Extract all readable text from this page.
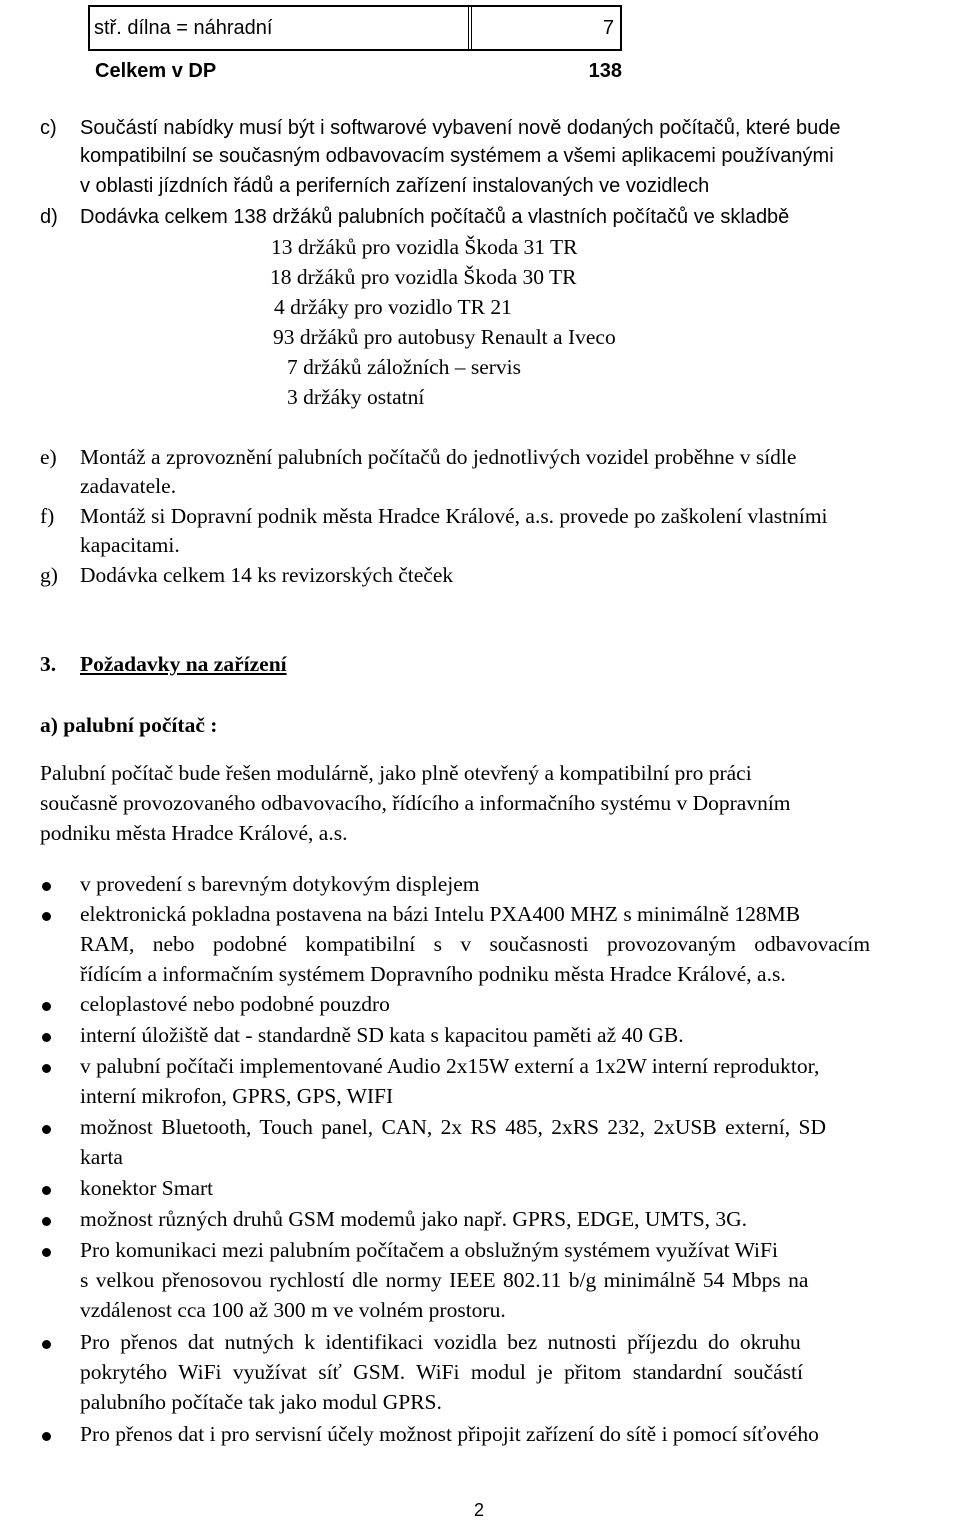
stř. dílna = náhradní	7
Celkem v DP	138
c) Součástí nabídky musí být i softwarové vybavení nově dodaných počítačů, které bude
kompatibilní se současným odbavovacím systémem a všemi aplikacemi používanými
v oblasti jízdních řádů a periferních zařízení instalovaných ve vozidlech
d) Dodávka celkem 138 držáků palubních počítačů a vlastních počítačů ve skladbě
13 držáků pro vozidla Škoda 31 TR
18 držáků pro vozidla Škoda 30 TR
4 držáky pro vozidlo TR 21
93 držáků pro autobusy Renault a Iveco
7 držáků záložních – servis
3 držáky ostatní
e) Montáž a zprovoznění palubních počítačů do jednotlivých vozidel proběhne v sídle
zadavatele.
f) Montáž si Dopravní podnik města Hradce Králové, a.s. provede po zaškolení vlastními
kapacitami.
g) Dodávka celkem 14 ks revizorských čteček
3. Požadavky na zařízení
a) palubní počítač :
Palubní počítač bude řešen modulárně, jako plně otevřený a kompatibilní pro práci
současně provozovaného odbavovacího, řídícího a informačního systému v Dopravním
podniku města Hradce Králové, a.s.
v provedení s barevným dotykovým displejem
elektronická pokladna postavena na bázi Intelu PXA400 MHZ s minimálně 128MB
RAM, nebo podobné kompatibilní s v současnosti provozovaným odbavovacím
řídícím a informačním systémem Dopravního podniku města Hradce Králové, a.s.
celoplastové nebo podobné pouzdro
interní úložiště dat - standardně SD kata s kapacitou paměti až 40 GB.
v palubní počítači implementované Audio 2x15W externí a 1x2W interní reproduktor,
interní mikrofon, GPRS, GPS, WIFI
možnost Bluetooth, Touch panel, CAN, 2x RS 485, 2xRS 232, 2xUSB externí, SD
karta
konektor Smart
možnost různých druhů GSM modemů jako např. GPRS, EDGE, UMTS, 3G.
Pro komunikaci mezi palubním počítačem a obslužným systémem využívat WiFi
s velkou přenosovou rychlostí dle normy IEEE 802.11 b/g minimálně 54 Mbps na
vzdálenost cca 100 až 300 m ve volném prostoru.
Pro přenos dat nutných k identifikaci vozidla bez nutnosti příjezdu do okruhu
pokrytého WiFi využívat síť GSM. WiFi modul je přitom standardní součástí
palubního počítače tak jako modul GPRS.
Pro přenos dat i pro servisní účely možnost připojit zařízení do sítě i pomocí síťového
2
